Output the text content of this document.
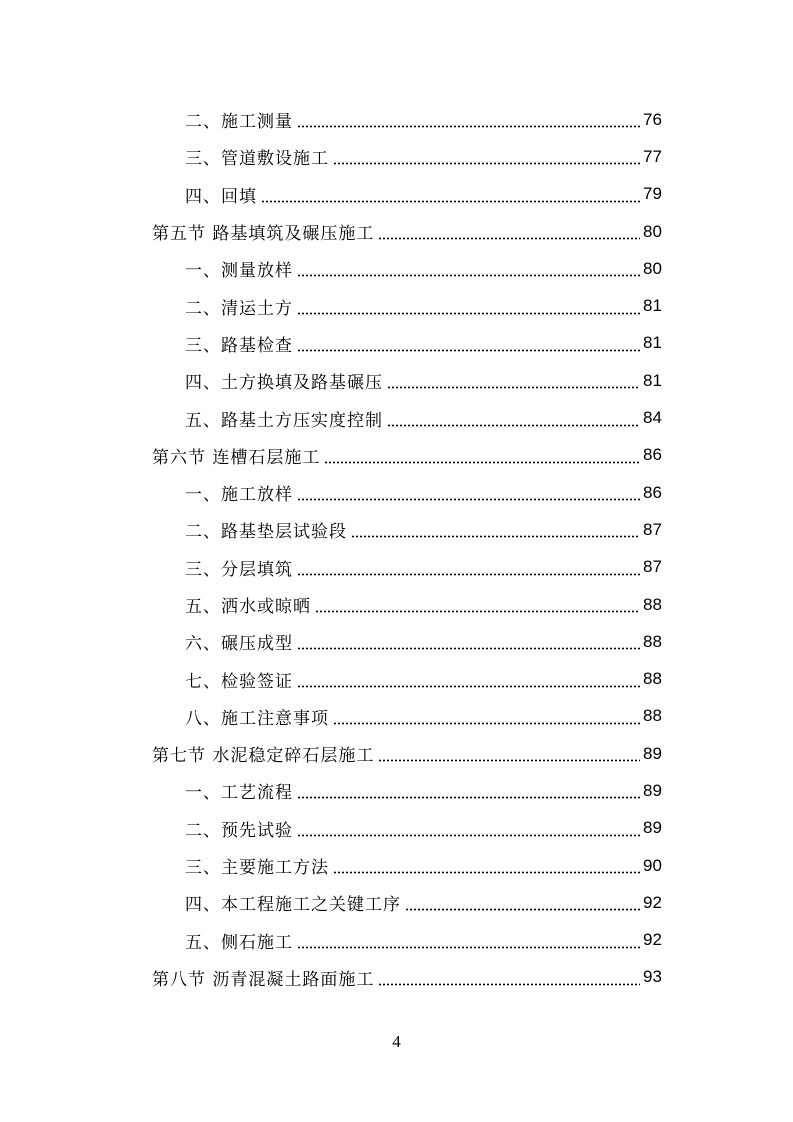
二、施工测量	76
三、管道敷设施工	77
四、回填	79
第五节 路基填筑及碾压施工	80
一、测量放样	80
二、清运土方	81
三、路基检查	81
四、土方换填及路基碾压	81
五、路基土方压实度控制	84
第六节 连槽石层施工	86
一、施工放样	86
二、路基垫层试验段	87
三、分层填筑	87
五、洒水或晾晒	88
六、碾压成型	88
七、检验签证	88
八、施工注意事项	88
第七节 水泥稳定碎石层施工	89
一、工艺流程	89
二、预先试验	89
三、主要施工方法	90
四、本工程施工之关键工序	92
五、侧石施工	92
第八节 沥青混凝土路面施工	93
4
